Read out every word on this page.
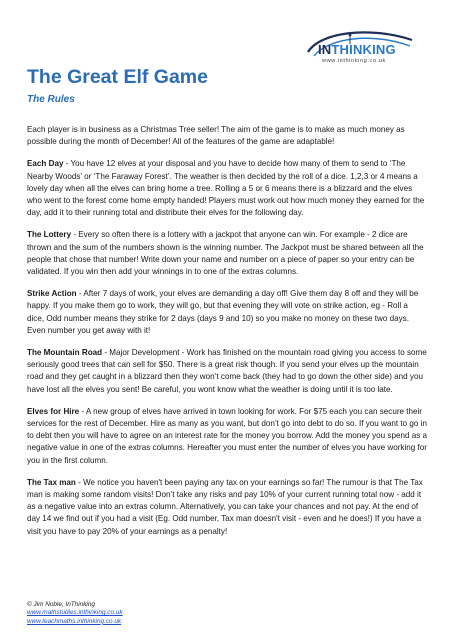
INTHINKING
www.inthinking.co.uk
The Great Elf Game
The Rules

Each player is in business as a Christmas Tree seller! The aim of the game is to make as much money as possible during the month of December! All of the features of the game are adaptable!

Each Day - You have 12 elves at your disposal and you have to decide how many of them to send to ‘The Nearby Woods’ or ‘The Faraway Forest’. The weather is then decided by the roll of a dice. 1,2,3 or 4 means a lovely day when all the elves can bring home a tree. Rolling a 5 or 6 means there is a blizzard and the elves who went to the forest come home empty handed! Players must work out how much money they earned for the day, add it to their running total and distribute their elves for the following day.

The Lottery - Every so often there is a lottery with a jackpot that anyone can win. For example - 2 dice are thrown and the sum of the numbers shown is the winning number. The Jackpot must be shared between all the people that chose that number! Write down your name and number on a piece of paper so your entry can be validated. If you win then add your winnings in to one of the extras columns.

Strike Action - After 7 days of work, your elves are demanding a day off! Give them day 8 off and they will be happy. If you make them go to work, they will go, but that evening they will vote on strike action, eg - Roll a dice, Odd number means they strike for 2 days (days 9 and 10) so you make no money on these two days. Even number you get away with it!

The Mountain Road - Major Development - Work has finished on the mountain road giving you access to some seriously good trees that can sell for $50. There is a great risk though. If you send your elves up the mountain road and they get caught in a blizzard then they won’t come back (they had to go down the other side) and you have lost all the elves you sent! Be careful, you wont know what the weather is doing until it is too late.

Elves for Hire - A new group of elves have arrived in town looking for work. For $75 each you can secure their services for the rest of December. Hire as many as you want, but don’t go into debt to do so. If you want to go in to debt then you will have to agree on an interest rate for the money you borrow. Add the money you spend as a negative value in one of the extras columns. Hereafter you must enter the number of elves you have working for you in the first column.

The Tax man - We notice you haven't been paying any tax on your earnings so far! The rumour is that The Tax man is making some random visits! Don’t take any risks and pay 10% of your current running total now - add it as a negative value into an extras column. Alternatively, you can take your chances and not pay. At the end of day 14 we find out if you had a visit (Eg. Odd number, Tax man doesn't visit - even and he does!) If you have a visit you have to pay 20% of your earnings as a penalty!

© Jim Noble, InThinking
www.mathstudies.inthinking.co.uk
www.teachmaths.inthinking.co.uk
